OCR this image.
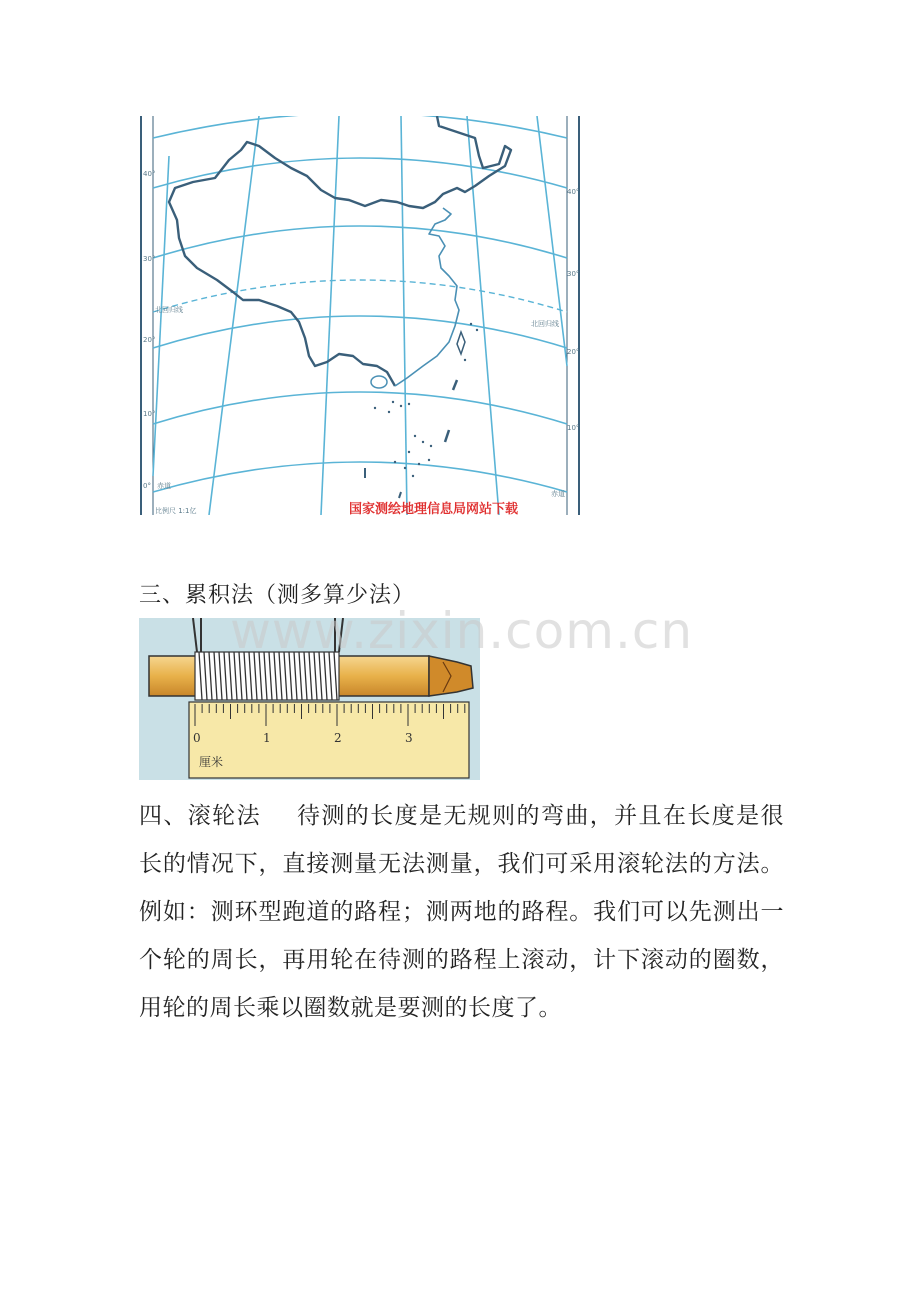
40°
30°
20°
10°
0°
40°
30°
20°
10°
北回归线
北回归线
赤道
赤道
比例尺 1:1亿	国家测绘地理信息局网站下载
三、累积法（测多算少法）
0	1	2	3
厘米
www.zixin.com.cn
四、滚轮法 待测的长度是无规则的弯曲，并且在长度是很长的情况下，直接测量无法测量，我们可采用滚轮法的方法。例如：测环型跑道的路程；测两地的路程。我们可以先测出一个轮的周长，再用轮在待测的路程上滚动，计下滚动的圈数，用轮的周长乘以圈数就是要测的长度了。
